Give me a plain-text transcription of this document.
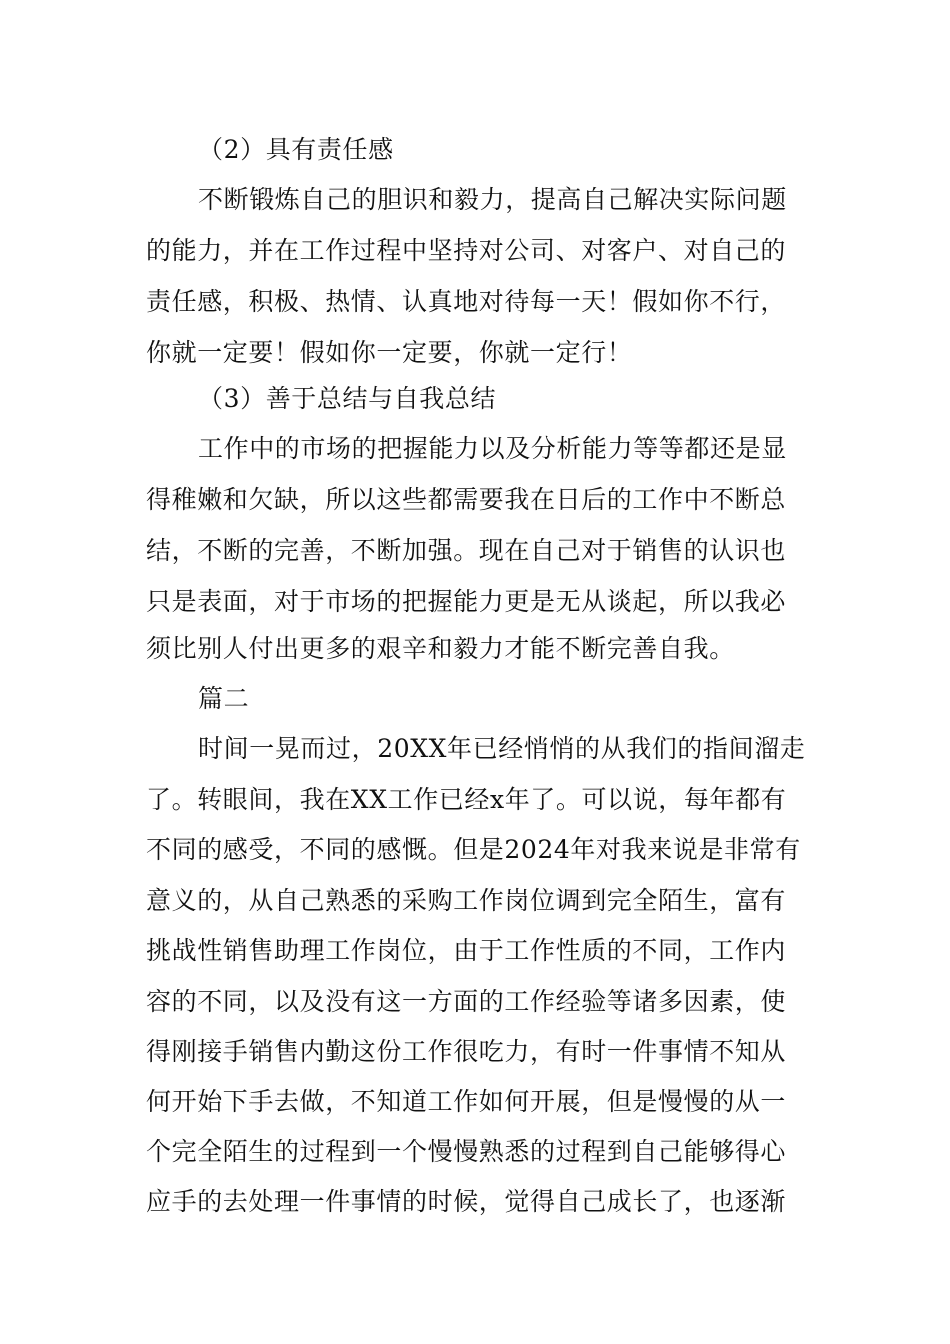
（2）具有责任感
不断锻炼自己的胆识和毅力，提高自己解决实际问题
的能力，并在工作过程中坚持对公司、对客户、对自己的
责任感，积极、热情、认真地对待每一天！假如你不行，
你就一定要！假如你一定要，你就一定行！
（3）善于总结与自我总结
工作中的市场的把握能力以及分析能力等等都还是显
得稚嫩和欠缺，所以这些都需要我在日后的工作中不断总
结，不断的完善，不断加强。现在自己对于销售的认识也
只是表面，对于市场的把握能力更是无从谈起，所以我必
须比别人付出更多的艰辛和毅力才能不断完善自我。
篇二
时间一晃而过，20XX年已经悄悄的从我们的指间溜走
了。转眼间，我在XX工作已经x年了。可以说，每年都有
不同的感受，不同的感慨。但是2024年对我来说是非常有
意义的，从自己熟悉的采购工作岗位调到完全陌生，富有
挑战性销售助理工作岗位，由于工作性质的不同，工作内
容的不同，以及没有这一方面的工作经验等诸多因素，使
得刚接手销售内勤这份工作很吃力，有时一件事情不知从
何开始下手去做，不知道工作如何开展，但是慢慢的从一
个完全陌生的过程到一个慢慢熟悉的过程到自己能够得心
应手的去处理一件事情的时候，觉得自己成长了，也逐渐
